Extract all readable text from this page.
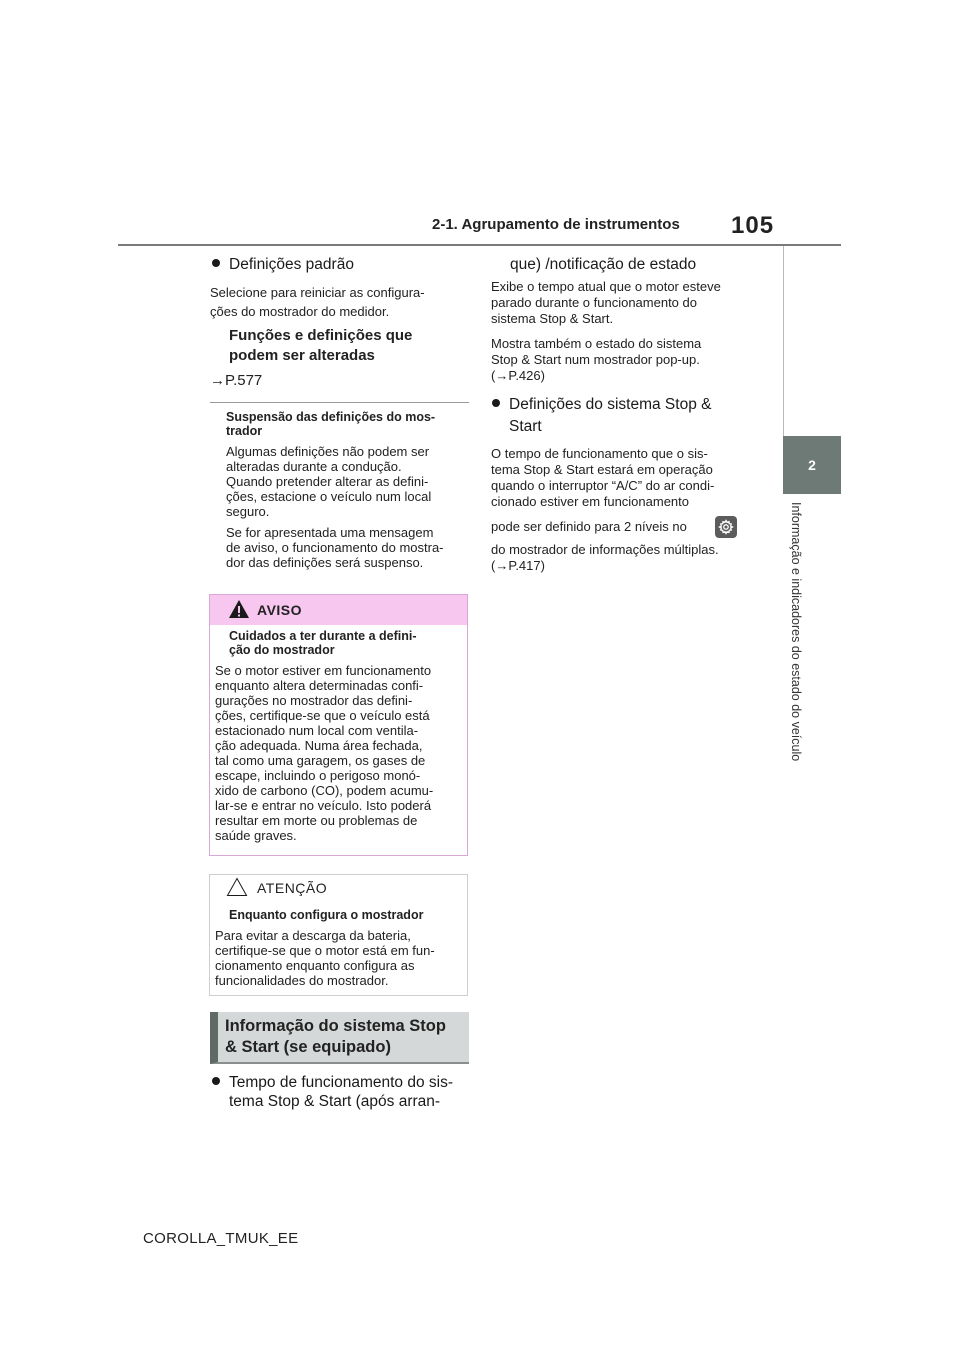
2-1. Agrupamento de instrumentos 105
2
Informação e indicadores do estado do veículo
Definições padrão
Selecione para reiniciar as configura-
ções do mostrador do medidor.
Funções e definições que
podem ser alteradas
→P.577
Suspensão das definições do mos-
trador
Algumas definições não podem ser
alteradas durante a condução.
Quando pretender alterar as defini-
ções, estacione o veículo num local
seguro.
Se for apresentada uma mensagem
de aviso, o funcionamento do mostra-
dor das definições será suspenso.
AVISO
Cuidados a ter durante a defini-
ção do mostrador
Se o motor estiver em funcionamento
enquanto altera determinadas confi-
gurações no mostrador das defini-
ções, certifique-se que o veículo está
estacionado num local com ventila-
ção adequada. Numa área fechada,
tal como uma garagem, os gases de
escape, incluindo o perigoso monó-
xido de carbono (CO), podem acumu-
lar-se e entrar no veículo. Isto poderá
resultar em morte ou problemas de
saúde graves.
ATENÇÃO
Enquanto configura o mostrador
Para evitar a descarga da bateria,
certifique-se que o motor está em fun-
cionamento enquanto configura as
funcionalidades do mostrador.
Informação do sistema Stop
& Start (se equipado)
Tempo de funcionamento do sis-
tema Stop & Start (após arran-
que) /notificação de estado
Exibe o tempo atual que o motor esteve
parado durante o funcionamento do
sistema Stop & Start.
Mostra também o estado do sistema
Stop & Start num mostrador pop-up.
(→P.426)
Definições do sistema Stop &
Start
O tempo de funcionamento que o sis-
tema Stop & Start estará em operação
quando o interruptor “A/C” do ar condi-
cionado estiver em funcionamento
pode ser definido para 2 níveis no
do mostrador de informações múltiplas.
(→P.417)
COROLLA_TMUK_EE
